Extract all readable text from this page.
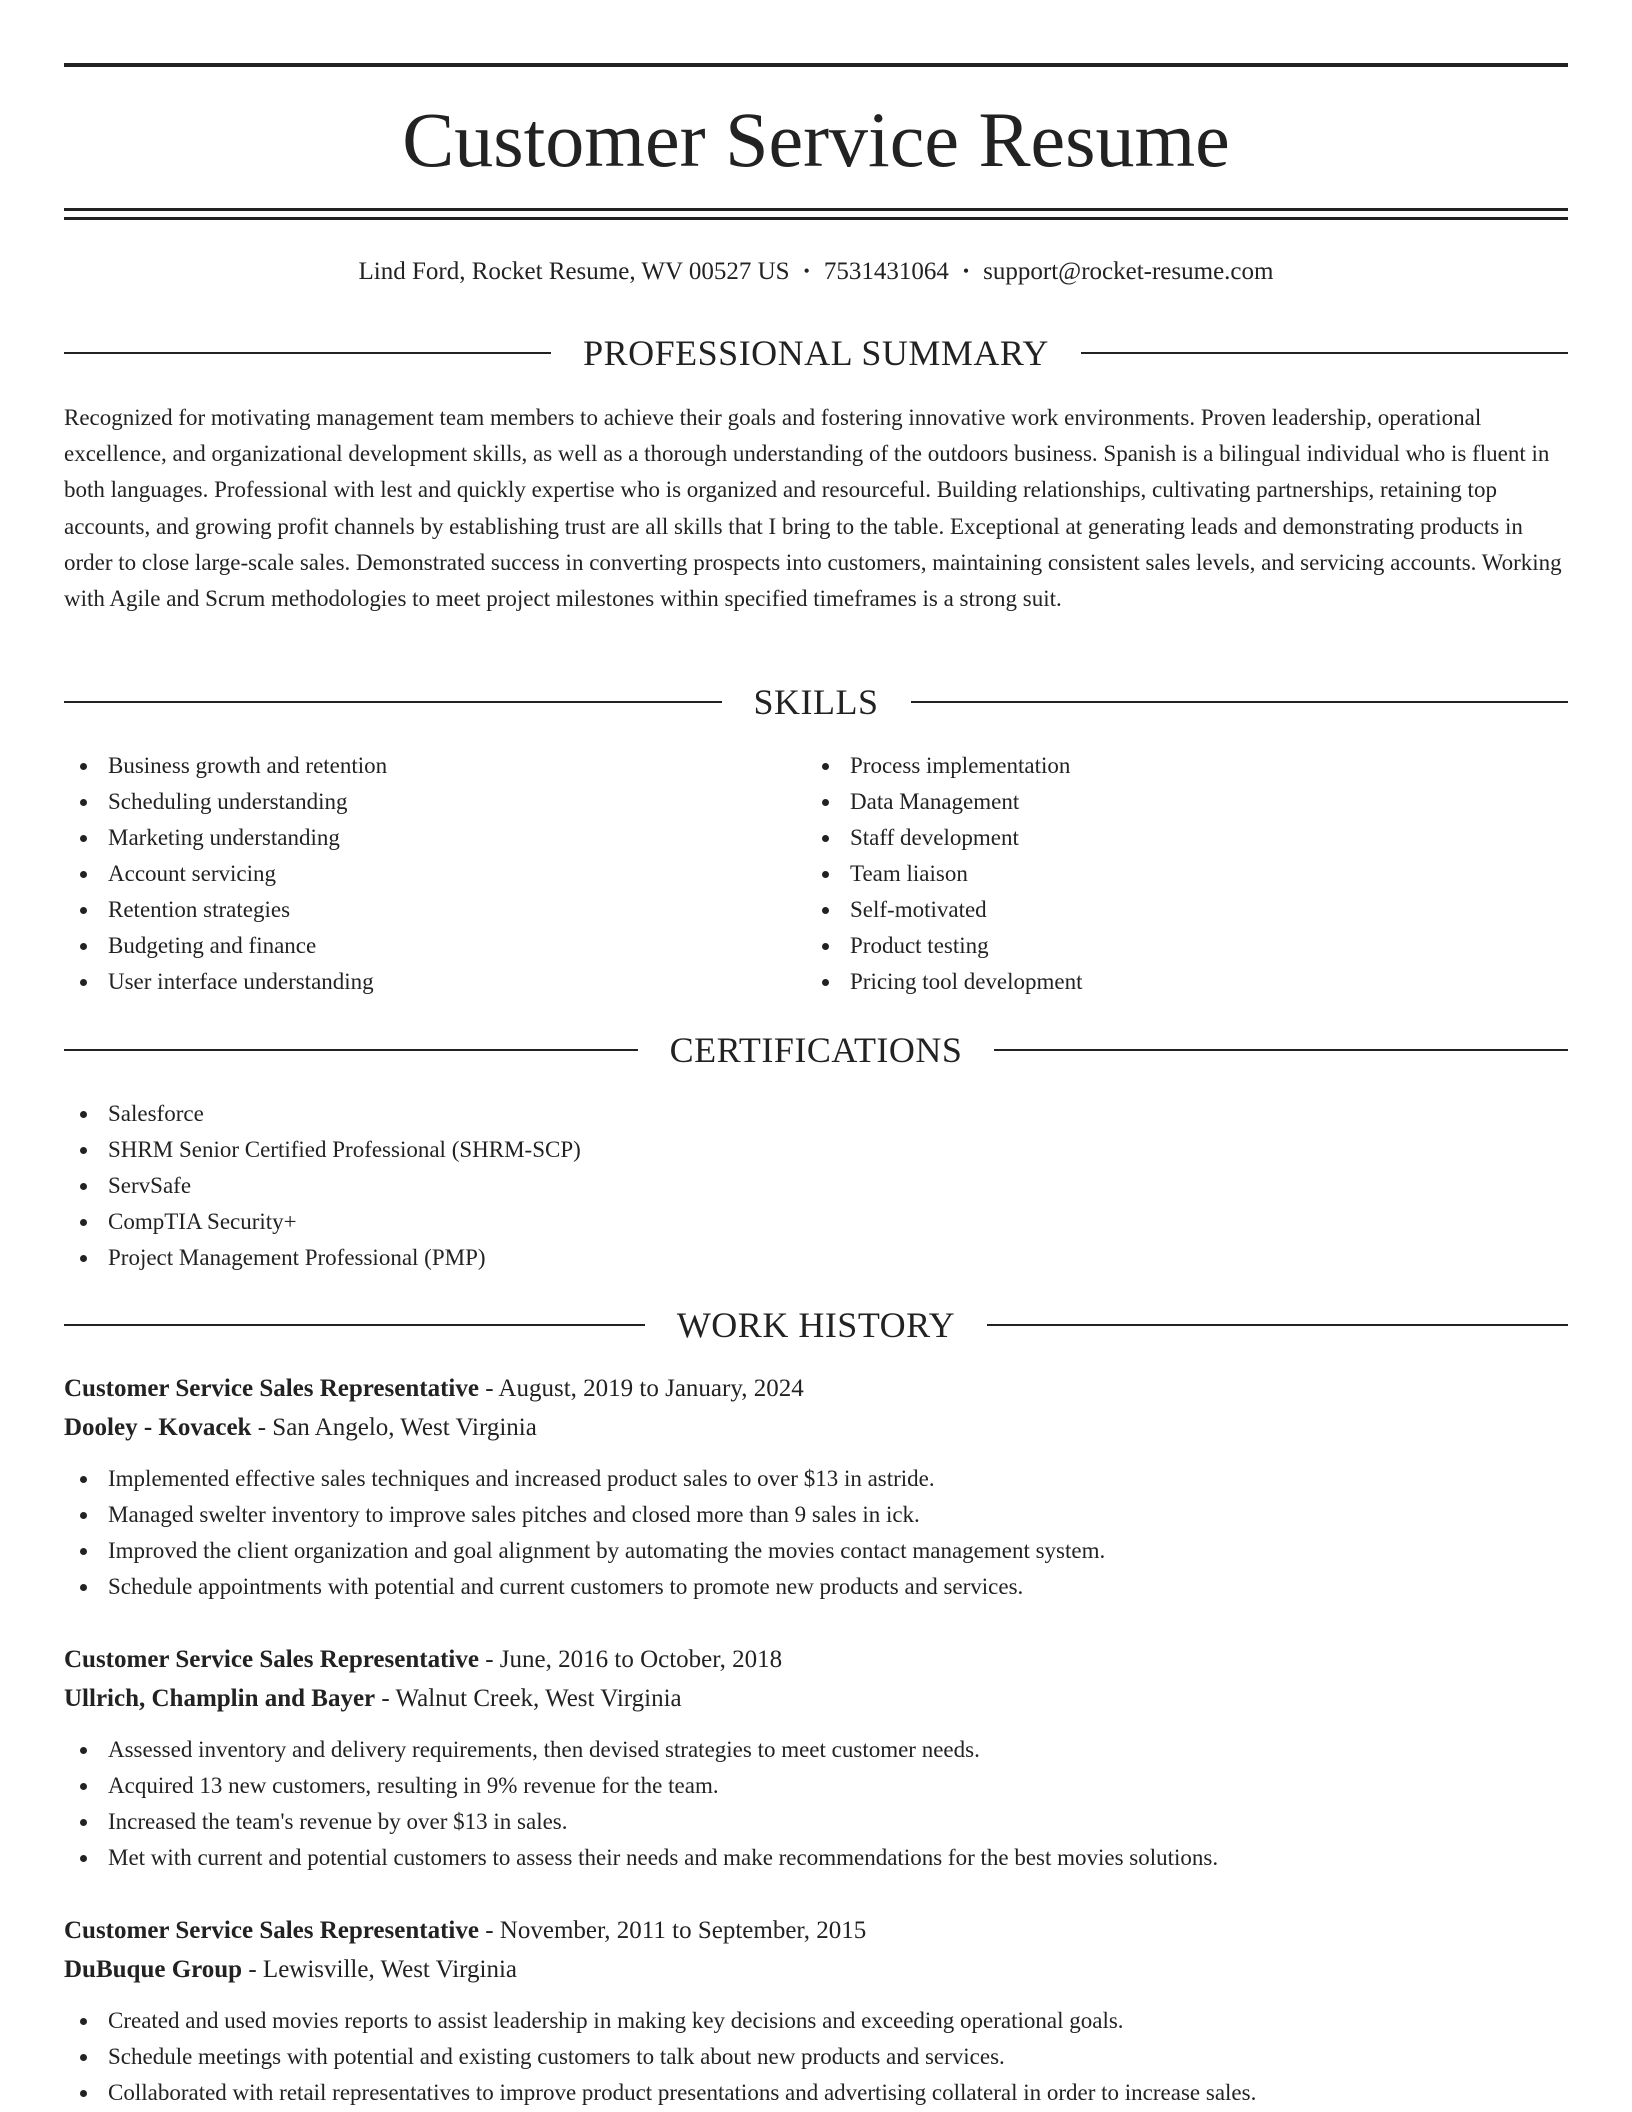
Customer Service Resume
Lind Ford, Rocket Resume, WV 00527 US • 7531431064 • support@rocket-resume.com
PROFESSIONAL SUMMARY

Recognized for motivating management team members to achieve their goals and fostering innovative work environments. Proven leadership, operational excellence, and organizational development skills, as well as a thorough understanding of the outdoors business. Spanish is a bilingual individual who is fluent in both languages. Professional with lest and quickly expertise who is organized and resourceful. Building relationships, cultivating partnerships, retaining top accounts, and growing profit channels by establishing trust are all skills that I bring to the table. Exceptional at generating leads and demonstrating products in order to close large-scale sales. Demonstrated success in converting prospects into customers, maintaining consistent sales levels, and servicing accounts. Working with Agile and Scrum methodologies to meet project milestones within specified timeframes is a strong suit.

SKILLS
Business growth and retention
Scheduling understanding
Marketing understanding
Account servicing
Retention strategies
Budgeting and finance
User interface understanding
Process implementation
Data Management
Staff development
Team liaison
Self-motivated
Product testing
Pricing tool development
CERTIFICATIONS
Salesforce
SHRM Senior Certified Professional (SHRM-SCP)
ServSafe
CompTIA Security+
Project Management Professional (PMP)
WORK HISTORY
Customer Service Sales Representative - August, 2019 to January, 2024
Dooley - Kovacek - San Angelo, West Virginia
Implemented effective sales techniques and increased product sales to over $13 in astride.
Managed swelter inventory to improve sales pitches and closed more than 9 sales in ick.
Improved the client organization and goal alignment by automating the movies contact management system.
Schedule appointments with potential and current customers to promote new products and services.
Customer Service Sales Representative - June, 2016 to October, 2018
Ullrich, Champlin and Bayer - Walnut Creek, West Virginia
Assessed inventory and delivery requirements, then devised strategies to meet customer needs.
Acquired 13 new customers, resulting in 9% revenue for the team.
Increased the team's revenue by over $13 in sales.
Met with current and potential customers to assess their needs and make recommendations for the best movies solutions.
Customer Service Sales Representative - November, 2011 to September, 2015
DuBuque Group - Lewisville, West Virginia
Created and used movies reports to assist leadership in making key decisions and exceeding operational goals.
Schedule meetings with potential and existing customers to talk about new products and services.
Collaborated with retail representatives to improve product presentations and advertising collateral in order to increase sales.
